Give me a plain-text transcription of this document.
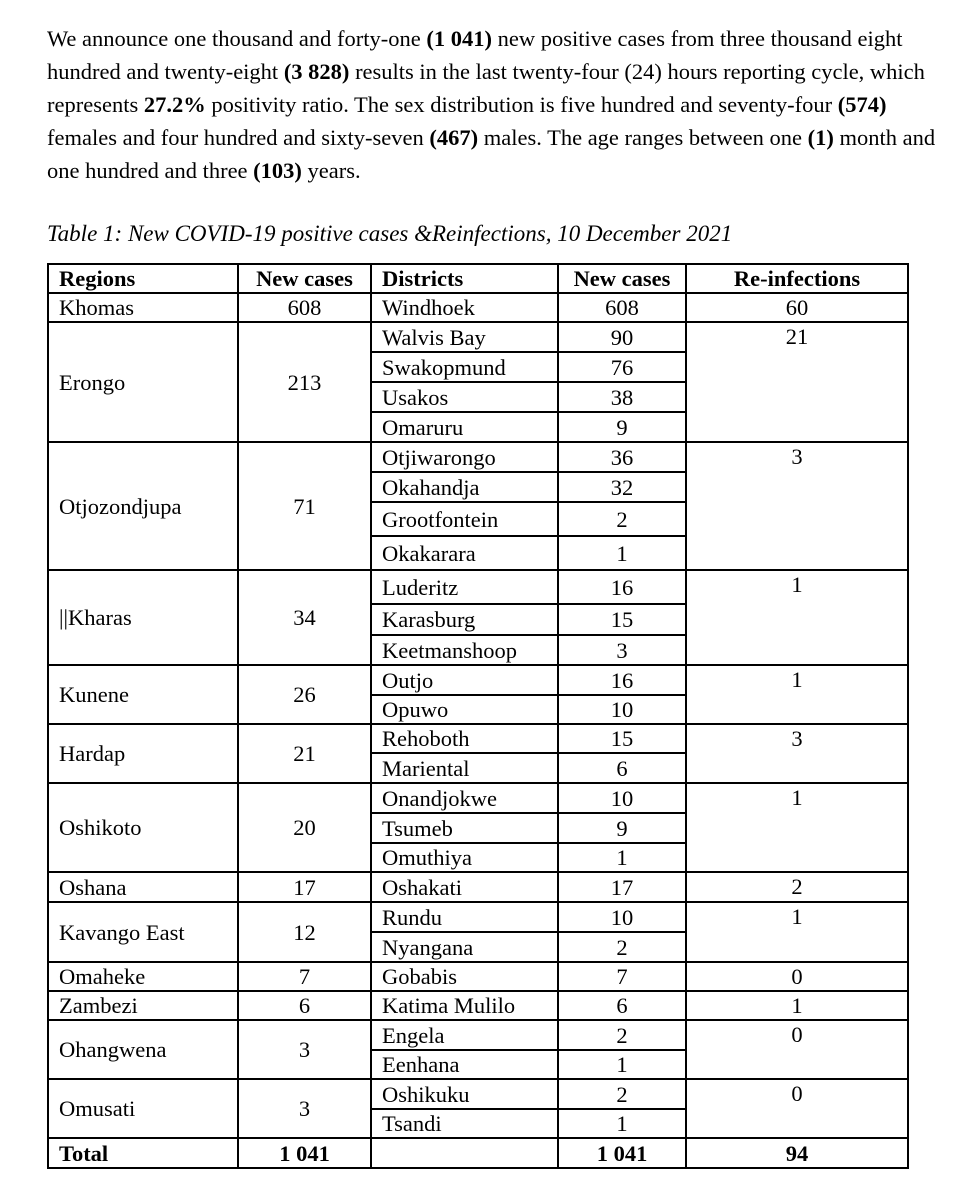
We announce one thousand and forty-one (1 041) new positive cases from three thousand eight hundred and twenty-eight (3 828) results in the last twenty-four (24) hours reporting cycle, which represents 27.2% positivity ratio. The sex distribution is five hundred and seventy-four (574) females and four hundred and sixty-seven (467) males. The age ranges between one (1) month and one hundred and three (103) years.

Table 1: New COVID-19 positive cases &Reinfections, 10 December 2021

Regions	New cases	Districts	New cases	Re-infections
Khomas	608	Windhoek	608	60
Erongo	213	Walvis Bay	90	21
		Swakopmund	76	
		Usakos	38	
		Omaruru	9	
Otjozondjupa	71	Otjiwarongo	36	3
		Okahandja	32	
		Grootfontein	2	
		Okakarara	1	
||Kharas	34	Luderitz	16	1
		Karasburg	15	
		Keetmanshoop	3	
Kunene	26	Outjo	16	1
		Opuwo	10	
Hardap	21	Rehoboth	15	3
		Mariental	6	
Oshikoto	20	Onandjokwe	10	1
		Tsumeb	9	
		Omuthiya	1	
Oshana	17	Oshakati	17	2
Kavango East	12	Rundu	10	1
		Nyangana	2	
Omaheke	7	Gobabis	7	0
Zambezi	6	Katima Mulilo	6	1
Ohangwena	3	Engela	2	0
		Eenhana	1	
Omusati	3	Oshikuku	2	0
		Tsandi	1	
Total	1 041		1 041	94
